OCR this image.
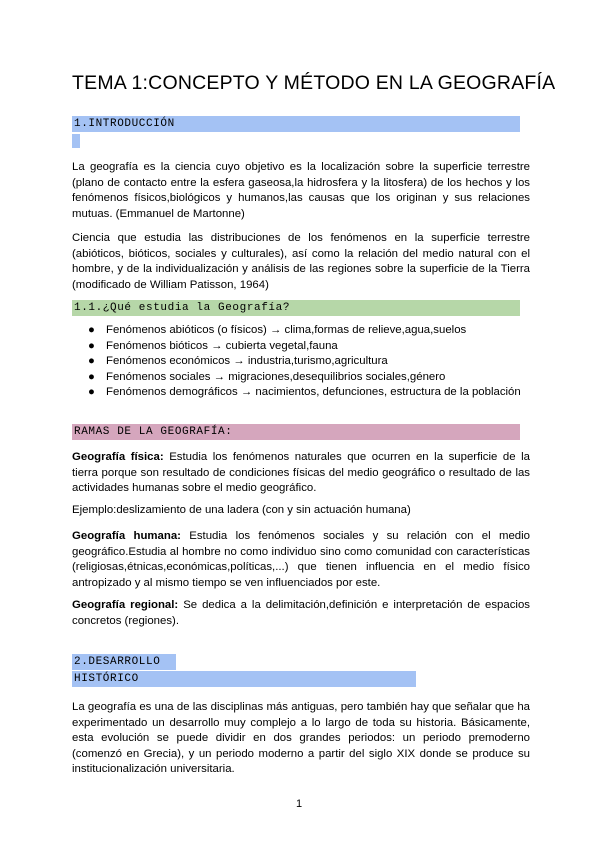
TEMA 1:CONCEPTO Y MÉTODO EN LA GEOGRAFÍA
1.INTRODUCCIÓN
La geografía es la ciencia cuyo objetivo es la localización sobre la superficie terrestre (plano de contacto entre la esfera gaseosa,la hidrosfera y la litosfera) de los hechos y los fenómenos físicos,biológicos y humanos,las causas que los originan y sus relaciones mutuas. (Emmanuel de Martonne)
Ciencia que estudia las distribuciones de los fenómenos en la superficie terrestre (abióticos, bióticos, sociales y culturales), así como la relación del medio natural con el hombre, y de la individualización y análisis de las regiones sobre la superficie de la Tierra (modificado de William Patisson, 1964)
1.1.¿Qué estudia la Geografía?
● Fenómenos abióticos (o físicos) → clima,formas de relieve,agua,suelos
● Fenómenos bióticos → cubierta vegetal,fauna
● Fenómenos económicos → industria,turismo,agricultura
● Fenómenos sociales → migraciones,desequilibrios sociales,género
● Fenómenos demográficos → nacimientos, defunciones, estructura de la población
RAMAS DE LA GEOGRAFÍA:
Geografía física: Estudia los fenómenos naturales que ocurren en la superficie de la tierra porque son resultado de condiciones físicas del medio geográfico o resultado de las actividades humanas sobre el medio geográfico.
Ejemplo:deslizamiento de una ladera (con y sin actuación humana)
Geografía humana: Estudia los fenómenos sociales y su relación con el medio geográfico.Estudia al hombre no como individuo sino como comunidad con características (religiosas,étnicas,económicas,políticas,...) que tienen influencia en el medio físico antropizado y al mismo tiempo se ven influenciados por este.
Geografía regional: Se dedica a la delimitación,definición e interpretación de espacios concretos (regiones).
2.DESARROLLO
HISTÓRICO
La geografía es una de las disciplinas más antiguas, pero también hay que señalar que ha experimentado un desarrollo muy complejo a lo largo de toda su historia. Básicamente, esta evolución se puede dividir en dos grandes periodos: un periodo premoderno (comenzó en Grecia), y un periodo moderno a partir del siglo XIX donde se produce su institucionalización universitaria.
1
